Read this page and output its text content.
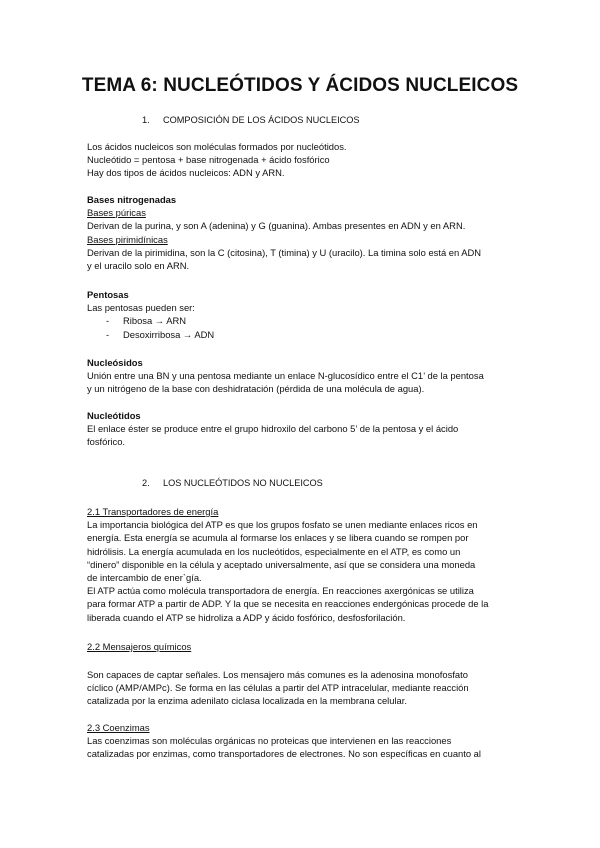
TEMA 6: NUCLEÓTIDOS Y ÁCIDOS NUCLEICOS
1. COMPOSICIÓN DE LOS ÁCIDOS NUCLEICOS

Los ácidos nucleicos son moléculas formados por nucleótidos.

Nucleótido = pentosa + base nitrogenada + ácido fosfórico

Hay dos tipos de ácidos nucleicos: ADN y ARN.

Bases nitrogenadas

Bases púricas

Derivan de la purina, y son A (adenina) y G (guanina). Ambas presentes en ADN y en ARN.

Bases pirimidínicas

Derivan de la pirimidina, son la C (citosina), T (timina) y U (uracilo). La timina solo está en ADN

y el uracilo solo en ARN.

Pentosas

Las pentosas pueden ser:

- Ribosa → ARN

- Desoxirribosa → ADN

Nucleósidos

Unión entre una BN y una pentosa mediante un enlace N-glucosídico entre el C1’ de la pentosa

y un nitrógeno de la base con deshidratación (pérdida de una molécula de agua).

Nucleótidos

El enlace éster se produce entre el grupo hidroxilo del carbono 5’ de la pentosa y el ácido

fosfórico.

2. LOS NUCLEÓTIDOS NO NUCLEICOS

2.1 Transportadores de energía

La importancia biológica del ATP es que los grupos fosfato se unen mediante enlaces ricos en

energía. Esta energía se acumula al formarse los enlaces y se libera cuando se rompen por

hidrólisis. La energía acumulada en los nucleótidos, especialmente en el ATP, es como un

“dinero” disponible en la célula y aceptado universalmente, así que se considera una moneda

de intercambio de ener`gía.

El ATP actúa como molécula transportadora de energía. En reacciones axergónicas se utiliza

para formar ATP a partir de ADP. Y la que se necesita en reacciones endergónicas procede de la

liberada cuando el ATP se hidroliza a ADP y ácido fosfórico, desfosforilación.

2.2 Mensajeros químicos

Son capaces de captar señales. Los mensajero más comunes es la adenosina monofosfato

cíclico (AMP/AMPc). Se forma en las células a partir del ATP intracelular, mediante reacción

catalizada por la enzima adenilato ciclasa localizada en la membrana celular.

2.3 Coenzimas

Las coenzimas son moléculas orgánicas no proteicas que intervienen en las reacciones

catalizadas por enzimas, como transportadores de electrones. No son específicas en cuanto al
